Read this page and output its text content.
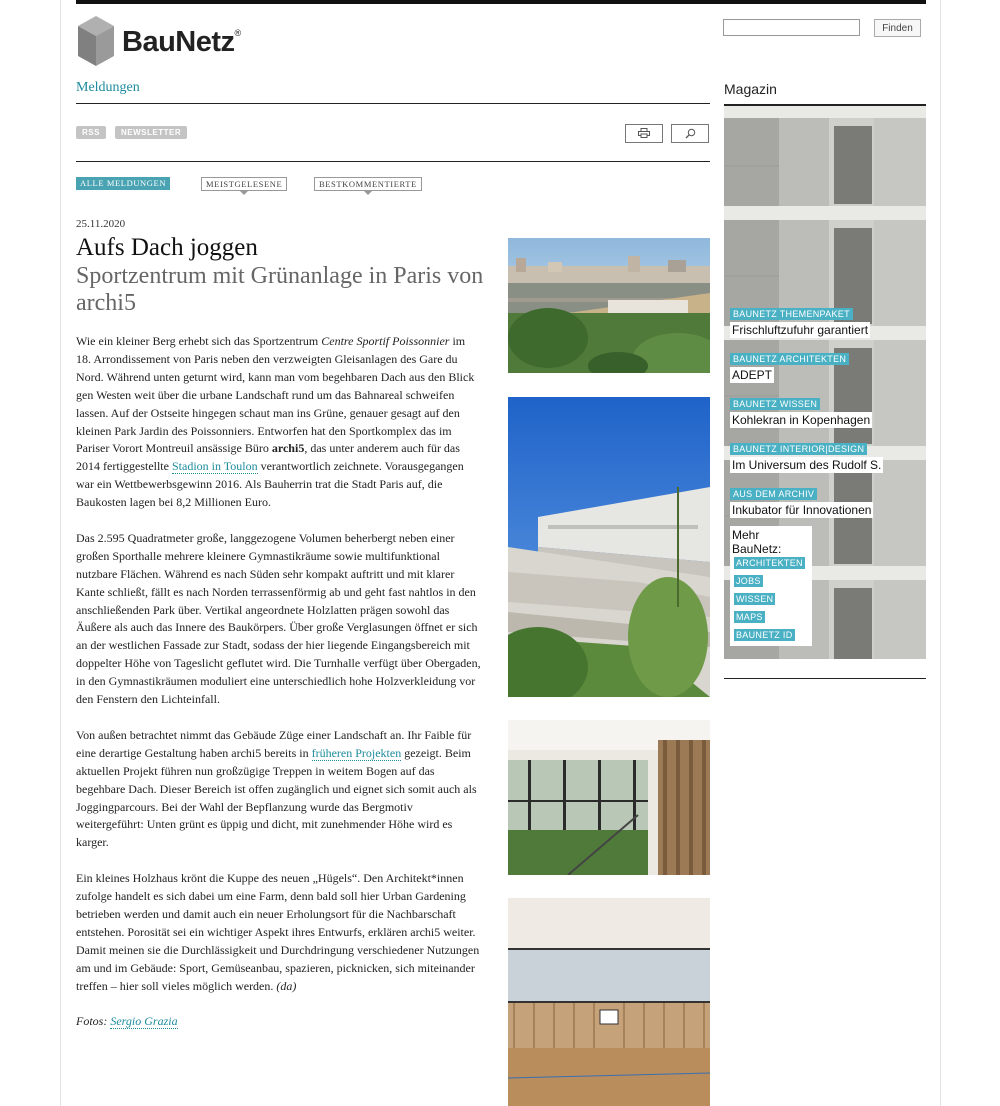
BauNetz®	Finden
Meldungen
RSS	NEWSLETTER
ALLE MELDUNGEN	MEISTGELESENE	BESTKOMMENTIERTE
25.11.2020
Aufs Dach joggen
Sportzentrum mit Grünanlage in Paris von archi5

Wie ein kleiner Berg erhebt sich das Sportzentrum Centre Sportif Poissonnier im 18. Arrondissement von Paris neben den verzweigten Gleisanlagen des Gare du Nord. Während unten geturnt wird, kann man vom begehbaren Dach aus den Blick gen Westen weit über die urbane Landschaft rund um das Bahnareal schweifen lassen. Auf der Ostseite hingegen schaut man ins Grüne, genauer gesagt auf den kleinen Park Jardin des Poissonniers. Entworfen hat den Sportkomplex das im Pariser Vorort Montreuil ansässige Büro archi5, das unter anderem auch für das 2014 fertiggestellte Stadion in Toulon verantwortlich zeichnete. Vorausgegangen war ein Wettbewerbsgewinn 2016. Als Bauherrin trat die Stadt Paris auf, die Baukosten lagen bei 8,2 Millionen Euro.

Das 2.595 Quadratmeter große, langgezogene Volumen beherbergt neben einer großen Sporthalle mehrere kleinere Gymnastikräume sowie multifunktional nutzbare Flächen. Während es nach Süden sehr kompakt auftritt und mit klarer Kante schließt, fällt es nach Norden terrassenförmig ab und geht fast nahtlos in den anschließenden Park über. Vertikal angeordnete Holzlatten prägen sowohl das Äußere als auch das Innere des Baukörpers. Über große Verglasungen öffnet er sich an der westlichen Fassade zur Stadt, sodass der hier liegende Eingangsbereich mit doppelter Höhe von Tageslicht geflutet wird. Die Turnhalle verfügt über Obergaden, in den Gymnastikräumen moduliert eine unterschiedlich hohe Holzverkleidung vor den Fenstern den Lichteinfall.

Von außen betrachtet nimmt das Gebäude Züge einer Landschaft an. Ihr Faible für eine derartige Gestaltung haben archi5 bereits in früheren Projekten gezeigt. Beim aktuellen Projekt führen nun großzügige Treppen in weitem Bogen auf das begehbare Dach. Dieser Bereich ist offen zugänglich und eignet sich somit auch als Joggingparcours. Bei der Wahl der Bepflanzung wurde das Bergmotiv weitergeführt: Unten grünt es üppig und dicht, mit zunehmender Höhe wird es karger.

Ein kleines Holzhaus krönt die Kuppe des neuen „Hügels“. Den Architekt*innen zufolge handelt es sich dabei um eine Farm, denn bald soll hier Urban Gardening betrieben werden und damit auch ein neuer Erholungsort für die Nachbarschaft entstehen. Porosität sei ein wichtiger Aspekt ihres Entwurfs, erklären archi5 weiter. Damit meinen sie die Durchlässigkeit und Durchdringung verschiedener Nutzungen am und im Gebäude: Sport, Gemüseanbau, spazieren, picknicken, sich miteinander treffen – hier soll vieles möglich werden. (da)

Fotos: Sergio Grazia

Magazin
BAUNETZ THEMENPAKET
Frischluftzufuhr garantiert
BAUNETZ ARCHITEKTEN
ADEPT
BAUNETZ WISSEN
Kohlekran in Kopenhagen
BAUNETZ INTERIOR|DESIGN
Im Universum des Rudolf S.
AUS DEM ARCHIV
Inkubator für Innovationen
Mehr BauNetz:
ARCHITEKTEN
JOBS
WISSEN
MAPS
BAUNETZ ID
